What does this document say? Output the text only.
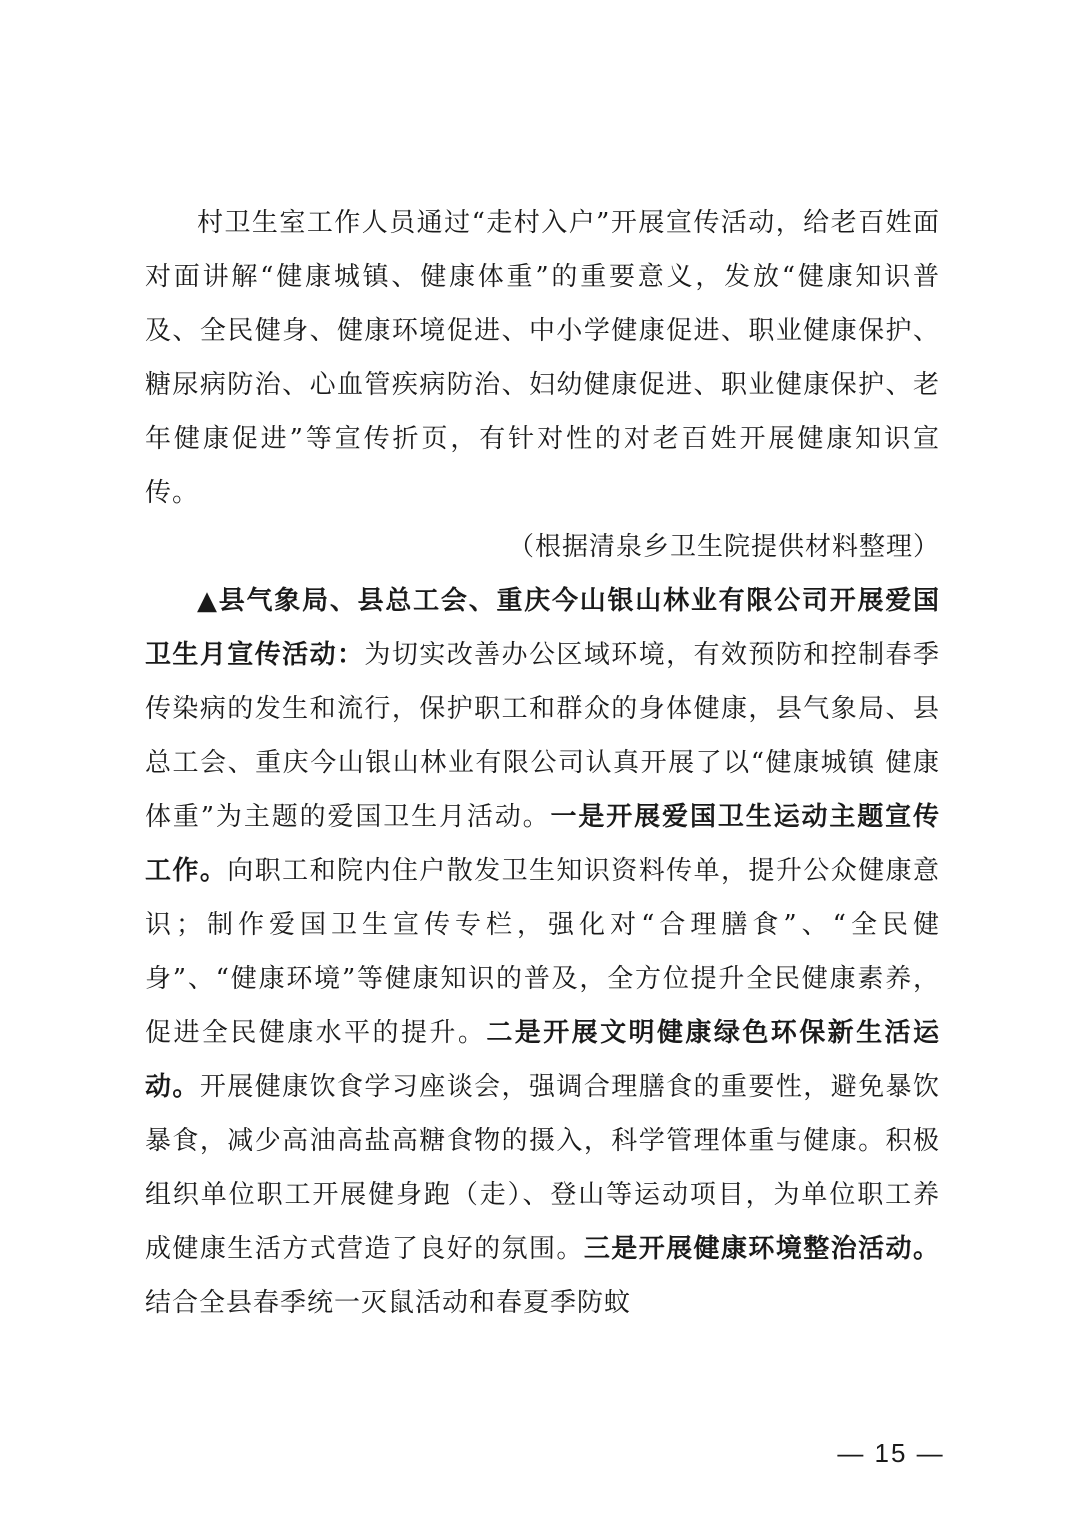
村卫生室工作人员通过“走村入户”开展宣传活动，给老百姓面对面讲解“健康城镇、健康体重”的重要意义，发放“健康知识普及、全民健身、健康环境促进、中小学健康促进、职业健康保护、糖尿病防治、心血管疾病防治、妇幼健康促进、职业健康保护、老年健康促进”等宣传折页，有针对性的对老百姓开展健康知识宣传。

（根据清泉乡卫生院提供材料整理）

▲县气象局、县总工会、重庆今山银山林业有限公司开展爱国卫生月宣传活动：为切实改善办公区域环境，有效预防和控制春季传染病的发生和流行，保护职工和群众的身体健康，县气象局、县总工会、重庆今山银山林业有限公司认真开展了以“健康城镇 健康体重”为主题的爱国卫生月活动。一是开展爱国卫生运动主题宣传工作。向职工和院内住户散发卫生知识资料传单，提升公众健康意识；制作爱国卫生宣传专栏，强化对“合理膳食”、“全民健身”、“健康环境”等健康知识的普及，全方位提升全民健康素养，促进全民健康水平的提升。二是开展文明健康绿色环保新生活运动。开展健康饮食学习座谈会，强调合理膳食的重要性，避免暴饮暴食，减少高油高盐高糖食物的摄入，科学管理体重与健康。积极组织单位职工开展健身跑（走）、登山等运动项目，为单位职工养成健康生活方式营造了良好的氛围。三是开展健康环境整治活动。结合全县春季统一灭鼠活动和春夏季防蚊

— 15 —
